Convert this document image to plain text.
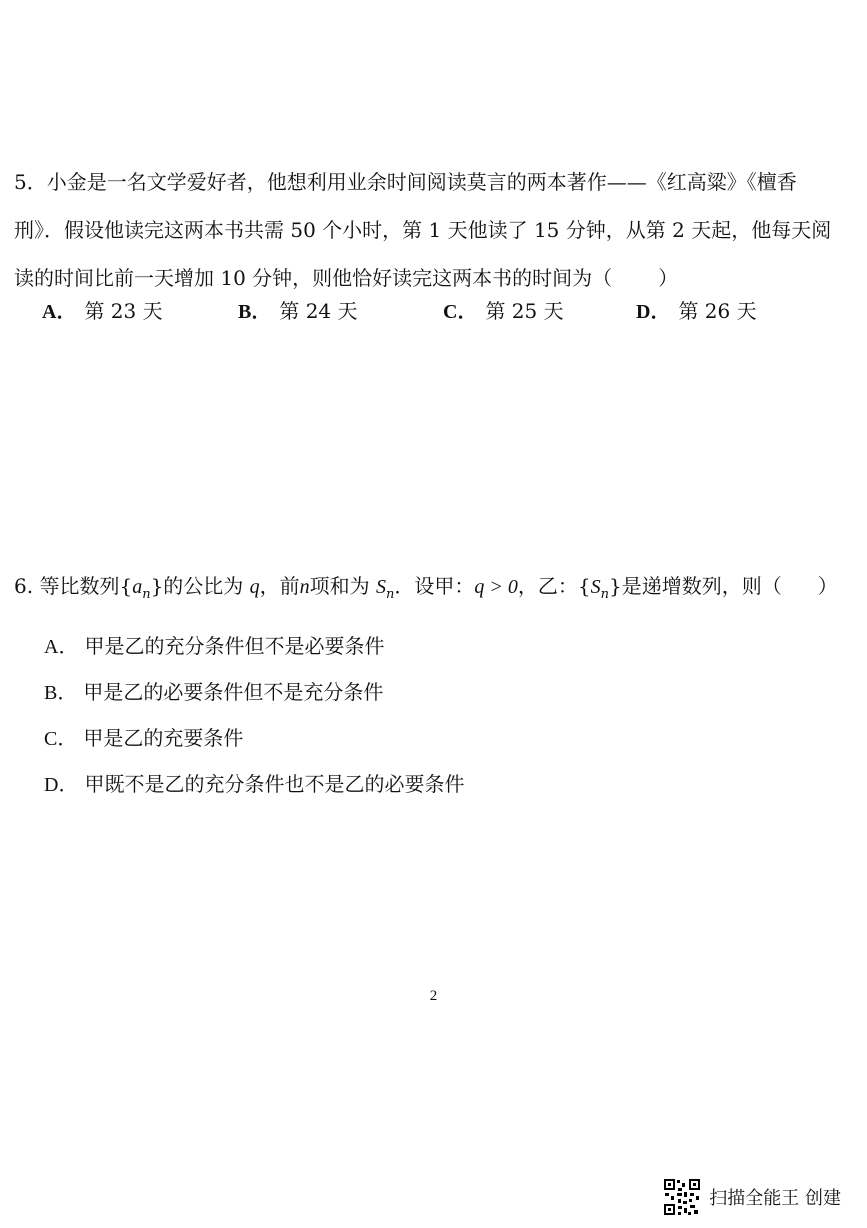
5．小金是一名文学爱好者，他想利用业余时间阅读莫言的两本著作——《红高粱》《檀香
刑》．假设他读完这两本书共需 50 个小时，第 1 天他读了 15 分钟，从第 2 天起，他每天阅
读的时间比前一天增加 10 分钟，则他恰好读完这两本书的时间为（ ）
A． 第 23 天	B． 第 24 天	C． 第 25 天	D． 第 26 天
6. 等比数列$\{a_n\}$的公比为 q，前n项和为 $S_n$．设甲：q > 0，乙：$\{S_n\}$是递增数列，则（ ）
A． 甲是乙的充分条件但不是必要条件
B． 甲是乙的必要条件但不是充分条件
C． 甲是乙的充要条件
D． 甲既不是乙的充分条件也不是乙的必要条件
2
扫描全能王 创建
